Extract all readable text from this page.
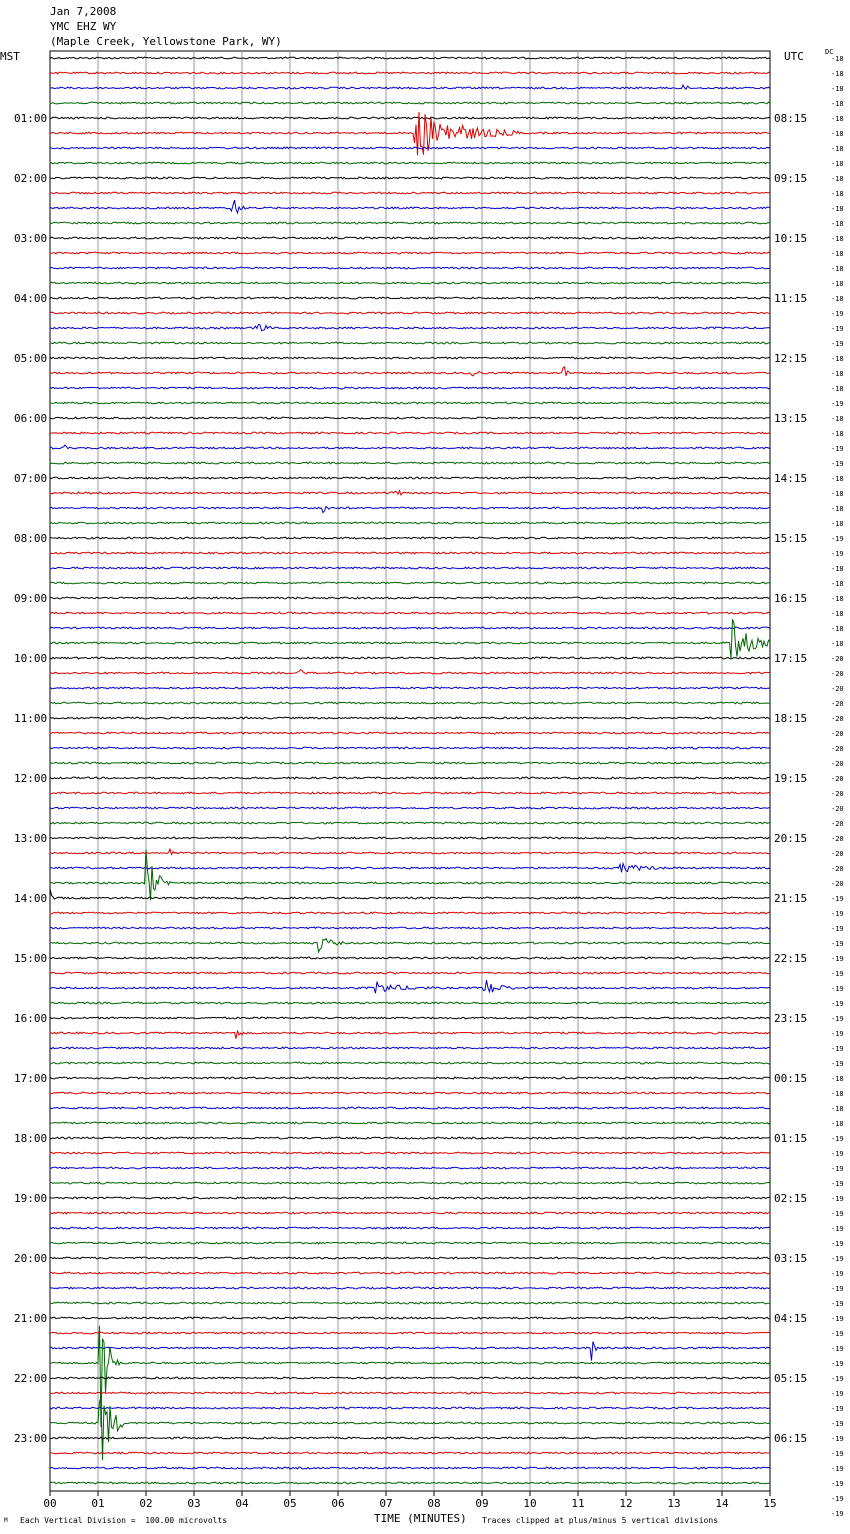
Jan 7,2008
YMC EHZ WY
(Maple Creek, Yellowstone Park, WY)
MST	UTC	DC
01:00
02:00
03:00
04:00
05:00
06:00
07:00
08:00
09:00
10:00
11:00
12:00
13:00
14:00
15:00
16:00
17:00
18:00
19:00
20:00
21:00
22:00
23:00
08:15
09:15
10:15
11:15
12:15
13:15
14:15
15:15
16:15
17:15
18:15
19:15
20:15
21:15
22:15
23:15
00:15
01:15
02:15
03:15
04:15
05:15
06:15
-18
-18
-18
-18
-18
-18
-18
-18
-18
-18
-18
-18
-18
-18
-18
-18
-18
-19
-19
-19
-18
-18
-18
-19
-18
-18
-19
-19
-18
-18
-18
-18
-19
-19
-18
-18
-18
-18
-18
-18
-20
-20
-20
-20
-20
-20
-20
-20
-20
-20
-20
-20
-20
-20
-20
-20
-19
-19
-19
-19
-19
-19
-19
-19
-19
-19
-19
-19
-18
-18
-18
-18
-19
-19
-19
-19
-19
-19
-19
-19
-19
-19
-19
-19
-19
-19
-19
-19
-19
-19
-19
-19
-19
-19
-19
-19
-19
-19
00	01	02	03	04	05	06	07	08	09	10	11	12	13	14	15
TIME (MINUTES)
M Each Vertical Division =  100.00 microvolts	Traces clipped at plus/minus 5 vertical divisions
